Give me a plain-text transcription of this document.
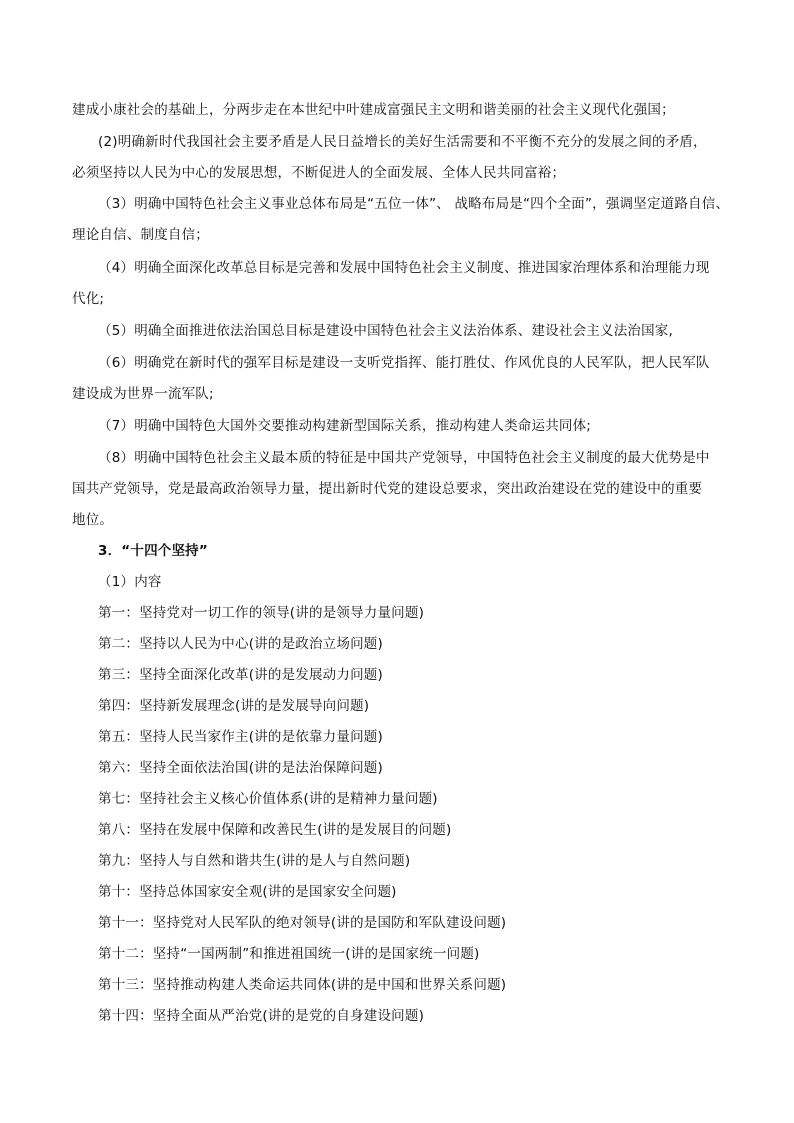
建成小康社会的基础上，分两步走在本世纪中叶建成富强民主文明和谐美丽的社会主义现代化强国；
(2)明确新时代我国社会主要矛盾是人民日益增长的美好生活需要和不平衡不充分的发展之间的矛盾，
必须坚持以人民为中心的发展思想，不断促进人的全面发展、全体人民共同富裕；
（3）明确中国特色社会主义事业总体布局是“五位一体”、 战略布局是“四个全面”，强调坚定道路自信、
理论自信、制度自信；
（4）明确全面深化改革总目标是完善和发展中国特色社会主义制度、推进国家治理体系和治理能力现
代化;
（5）明确全面推进依法治国总目标是建设中国特色社会主义法治体系、建设社会主义法治国家,
（6）明确党在新时代的强军目标是建设一支听党指挥、能打胜仗、作风优良的人民军队，把人民军队
建设成为世界一流军队;
（7）明确中国特色大国外交要推动构建新型国际关系，推动构建人类命运共同体;
（8）明确中国特色社会主义最本质的特征是中国共产党领导，中国特色社会主义制度的最大优势是中
国共产党领导，党是最高政治领导力量，提出新时代党的建设总要求，突出政治建设在党的建设中的重要
地位。
3．“十四个坚持”
（1）内容
第一：坚持党对一切工作的领导(讲的是领导力量问题)
第二：坚持以人民为中心(讲的是政治立场问题)
第三：坚持全面深化改革(讲的是发展动力问题)
第四：坚持新发展理念(讲的是发展导向问题)
第五：坚持人民当家作主(讲的是依靠力量问题)
第六：坚持全面依法治国(讲的是法治保障问题)
第七：坚持社会主义核心价值体系(讲的是精神力量问题)
第八：坚持在发展中保障和改善民生(讲的是发展目的问题)
第九：坚持人与自然和谐共生(讲的是人与自然问题)
第十：坚持总体国家安全观(讲的是国家安全问题)
第十一：坚持党对人民军队的绝对领导(讲的是国防和军队建设问题)
第十二：坚持“一国两制”和推进祖国统一(讲的是国家统一问题)
第十三：坚持推动构建人类命运共同体(讲的是中国和世界关系问题)
第十四：坚持全面从严治党(讲的是党的自身建设问题)
